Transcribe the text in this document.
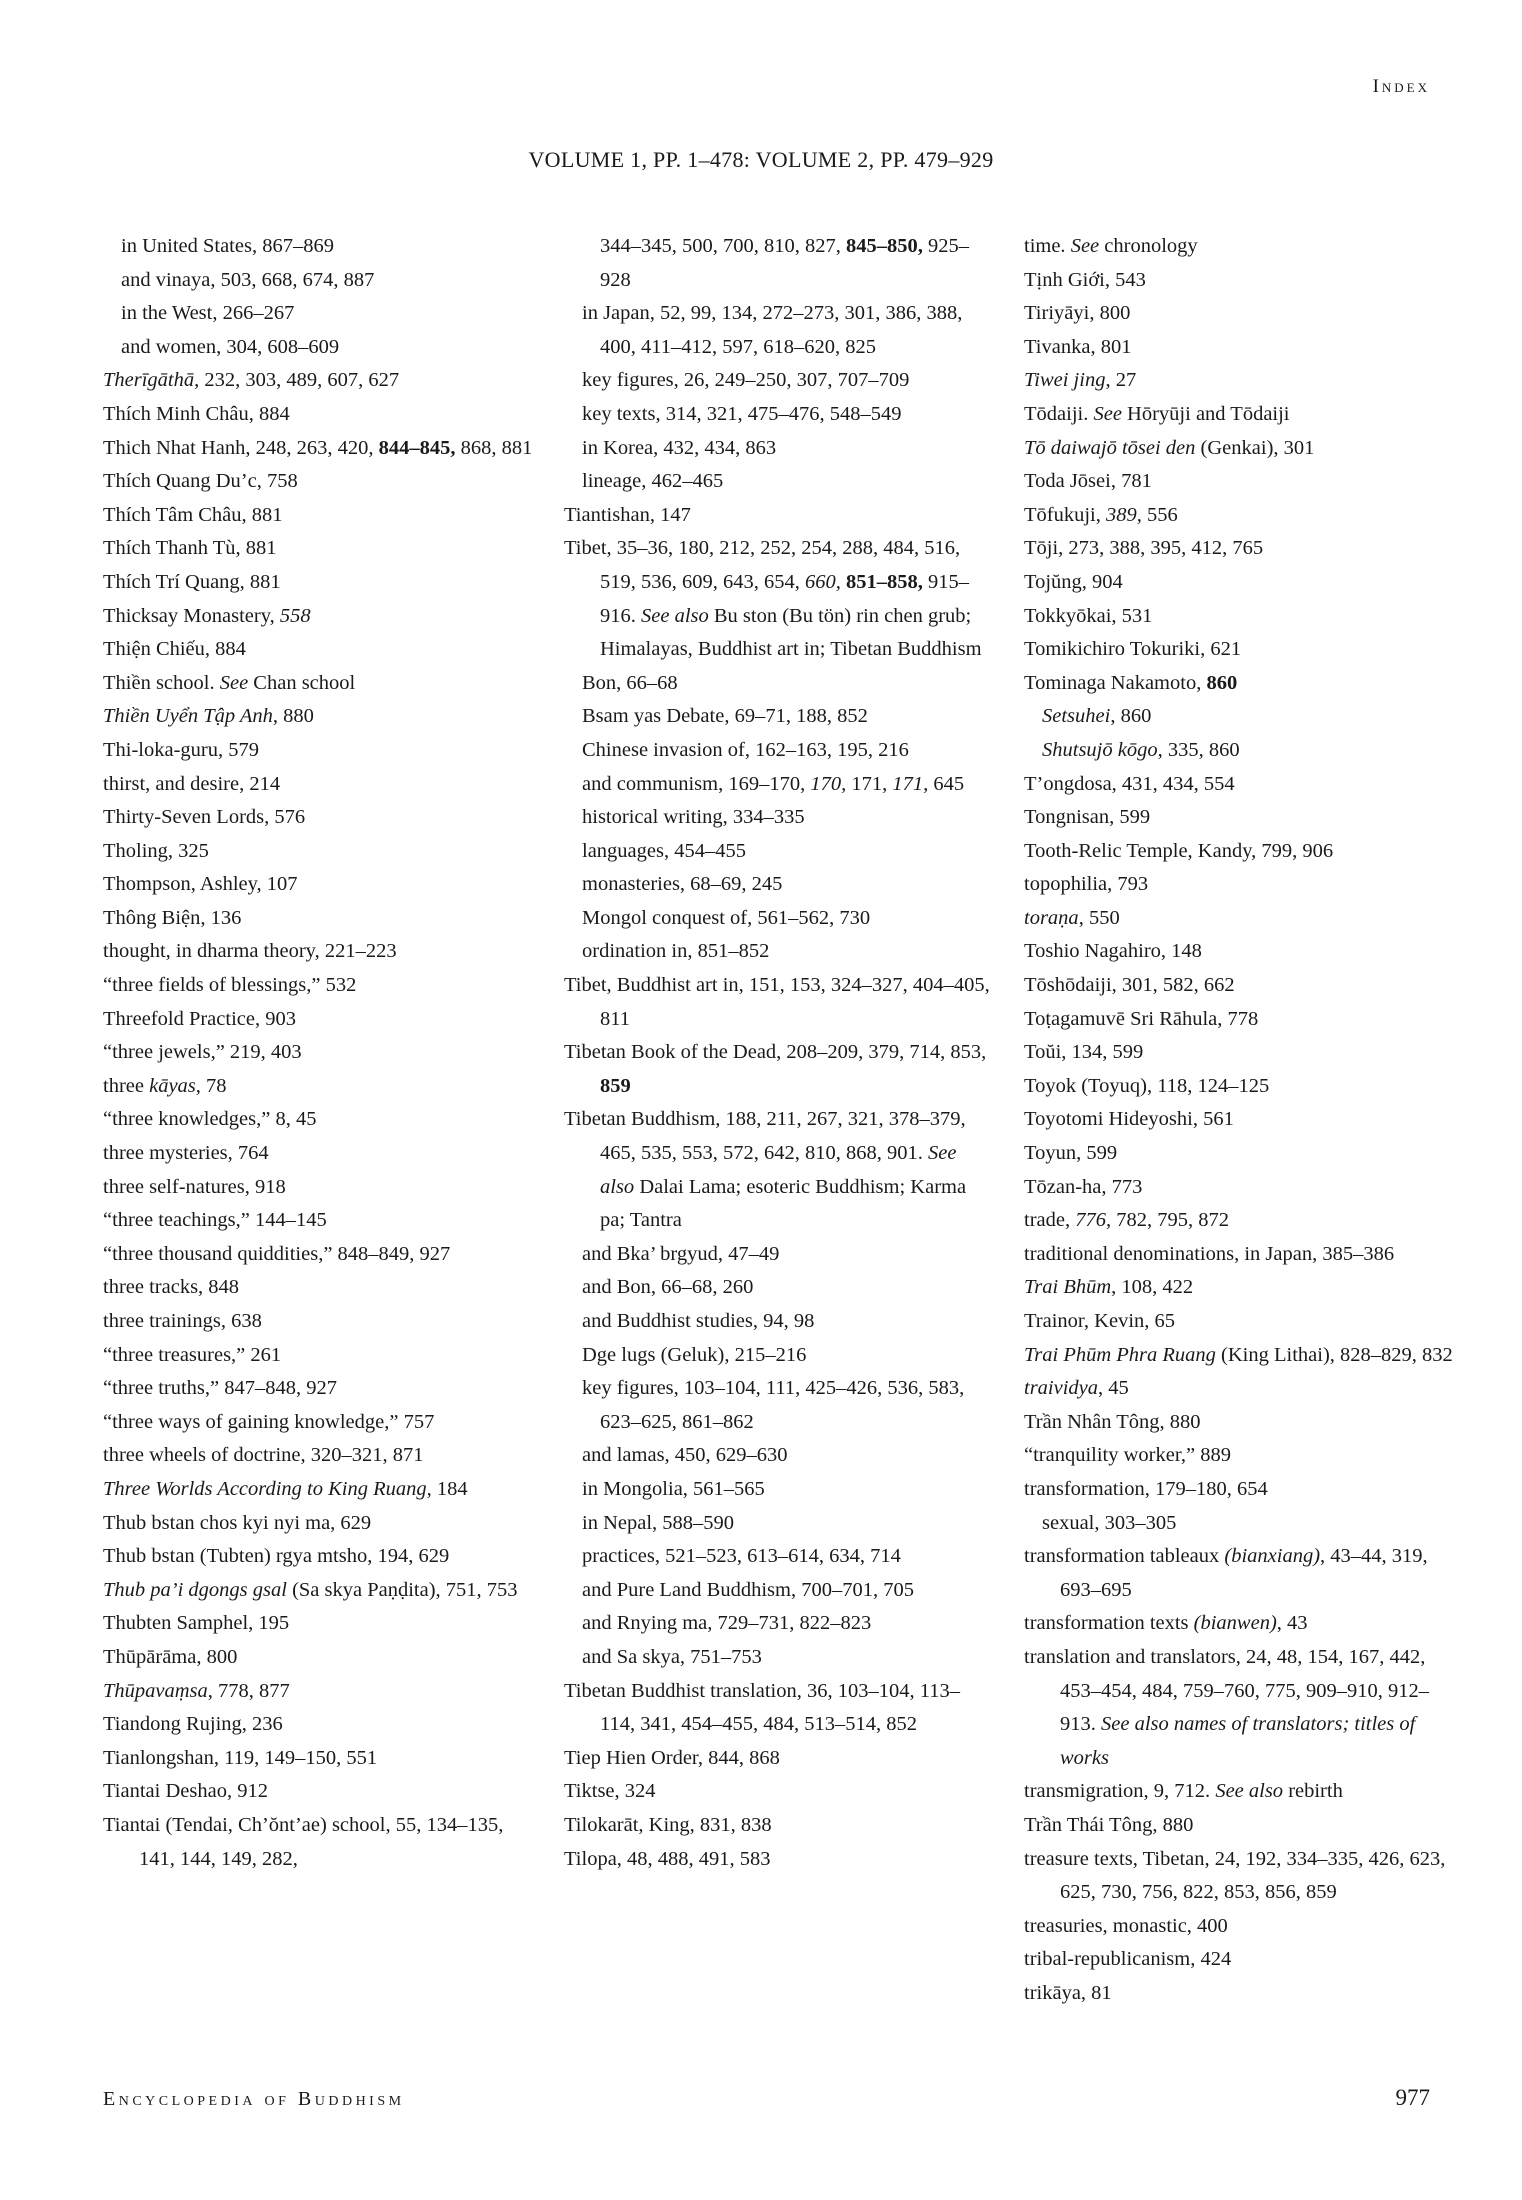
Index
VOLUME 1, PP. 1–478: VOLUME 2, PP. 479–929
in United States, 867–869
and vinaya, 503, 668, 674, 887
in the West, 266–267
and women, 304, 608–609
Therīgāthā, 232, 303, 489, 607, 627
Thích Minh Châu, 884
Thich Nhat Hanh, 248, 263, 420, 844–845, 868, 881
Thích Quang Du’c, 758
Thích Tâm Châu, 881
Thích Thanh Tù, 881
Thích Trí Quang, 881
Thicksay Monastery, 558
Thiện Chiếu, 884
Thiền school. See Chan school
Thiền Uyển Tập Anh, 880
Thi-loka-guru, 579
thirst, and desire, 214
Thirty-Seven Lords, 576
Tholing, 325
Thompson, Ashley, 107
Thông Biện, 136
thought, in dharma theory, 221–223
“three fields of blessings,” 532
Threefold Practice, 903
“three jewels,” 219, 403
three kāyas, 78
“three knowledges,” 8, 45
three mysteries, 764
three self-natures, 918
“three teachings,” 144–145
“three thousand quiddities,” 848–849, 927
three tracks, 848
three trainings, 638
“three treasures,” 261
“three truths,” 847–848, 927
“three ways of gaining knowledge,” 757
three wheels of doctrine, 320–321, 871
Three Worlds According to King Ruang, 184
Thub bstan chos kyi nyi ma, 629
Thub bstan (Tubten) rgya mtsho, 194, 629
Thub pa’i dgongs gsal (Sa skya Paṇḍita), 751, 753
Thubten Samphel, 195
Thūpārāma, 800
Thūpavaṃsa, 778, 877
Tiandong Rujing, 236
Tianlongshan, 119, 149–150, 551
Tiantai Deshao, 912
Tiantai (Tendai, Ch’ŏnt’ae) school, 55, 134–135, 141, 144, 149, 282,
344–345, 500, 700, 810, 827, 845–850, 925–928
in Japan, 52, 99, 134, 272–273, 301, 386, 388, 400, 411–412, 597, 618–620, 825
key figures, 26, 249–250, 307, 707–709
key texts, 314, 321, 475–476, 548–549
in Korea, 432, 434, 863
lineage, 462–465
Tiantishan, 147
Tibet, 35–36, 180, 212, 252, 254, 288, 484, 516, 519, 536, 609, 643, 654, 660, 851–858, 915–916. See also Bu ston (Bu tön) rin chen grub; Himalayas, Buddhist art in; Tibetan Buddhism
Bon, 66–68
Bsam yas Debate, 69–71, 188, 852
Chinese invasion of, 162–163, 195, 216
and communism, 169–170, 170, 171, 171, 645
historical writing, 334–335
languages, 454–455
monasteries, 68–69, 245
Mongol conquest of, 561–562, 730
ordination in, 851–852
Tibet, Buddhist art in, 151, 153, 324–327, 404–405, 811
Tibetan Book of the Dead, 208–209, 379, 714, 853, 859
Tibetan Buddhism, 188, 211, 267, 321, 378–379, 465, 535, 553, 572, 642, 810, 868, 901. See also Dalai Lama; esoteric Buddhism; Karma pa; Tantra
and Bka’ brgyud, 47–49
and Bon, 66–68, 260
and Buddhist studies, 94, 98
Dge lugs (Geluk), 215–216
key figures, 103–104, 111, 425–426, 536, 583, 623–625, 861–862
and lamas, 450, 629–630
in Mongolia, 561–565
in Nepal, 588–590
practices, 521–523, 613–614, 634, 714
and Pure Land Buddhism, 700–701, 705
and Rnying ma, 729–731, 822–823
and Sa skya, 751–753
Tibetan Buddhist translation, 36, 103–104, 113–114, 341, 454–455, 484, 513–514, 852
Tiep Hien Order, 844, 868
Tiktse, 324
Tilokarāt, King, 831, 838
Tilopa, 48, 488, 491, 583
time. See chronology
Tịnh Giới, 543
Tiriyāyi, 800
Tivanka, 801
Tiwei jing, 27
Tōdaiji. See Hōryūji and Tōdaiji
Tō daiwajō tōsei den (Genkai), 301
Toda Jōsei, 781
Tōfukuji, 389, 556
Tōji, 273, 388, 395, 412, 765
Tojŭng, 904
Tokkyōkai, 531
Tomikichiro Tokuriki, 621
Tominaga Nakamoto, 860
Setsuhei, 860
Shutsujō kōgo, 335, 860
T’ongdosa, 431, 434, 554
Tongnisan, 599
Tooth-Relic Temple, Kandy, 799, 906
topophilia, 793
toraṇa, 550
Toshio Nagahiro, 148
Tōshōdaiji, 301, 582, 662
Toṭagamuvē Sri Rāhula, 778
Toŭi, 134, 599
Toyok (Toyuq), 118, 124–125
Toyotomi Hideyoshi, 561
Toyun, 599
Tōzan-ha, 773
trade, 776, 782, 795, 872
traditional denominations, in Japan, 385–386
Trai Bhūm, 108, 422
Trainor, Kevin, 65
Trai Phūm Phra Ruang (King Lithai), 828–829, 832
traividya, 45
Trần Nhân Tông, 880
“tranquility worker,” 889
transformation, 179–180, 654
sexual, 303–305
transformation tableaux (bianxiang), 43–44, 319, 693–695
transformation texts (bianwen), 43
translation and translators, 24, 48, 154, 167, 442, 453–454, 484, 759–760, 775, 909–910, 912–913. See also names of translators; titles of works
transmigration, 9, 712. See also rebirth
Trần Thái Tông, 880
treasure texts, Tibetan, 24, 192, 334–335, 426, 623, 625, 730, 756, 822, 853, 856, 859
treasuries, monastic, 400
tribal-republicanism, 424
trikāya, 81
Encyclopedia of Buddhism	977
